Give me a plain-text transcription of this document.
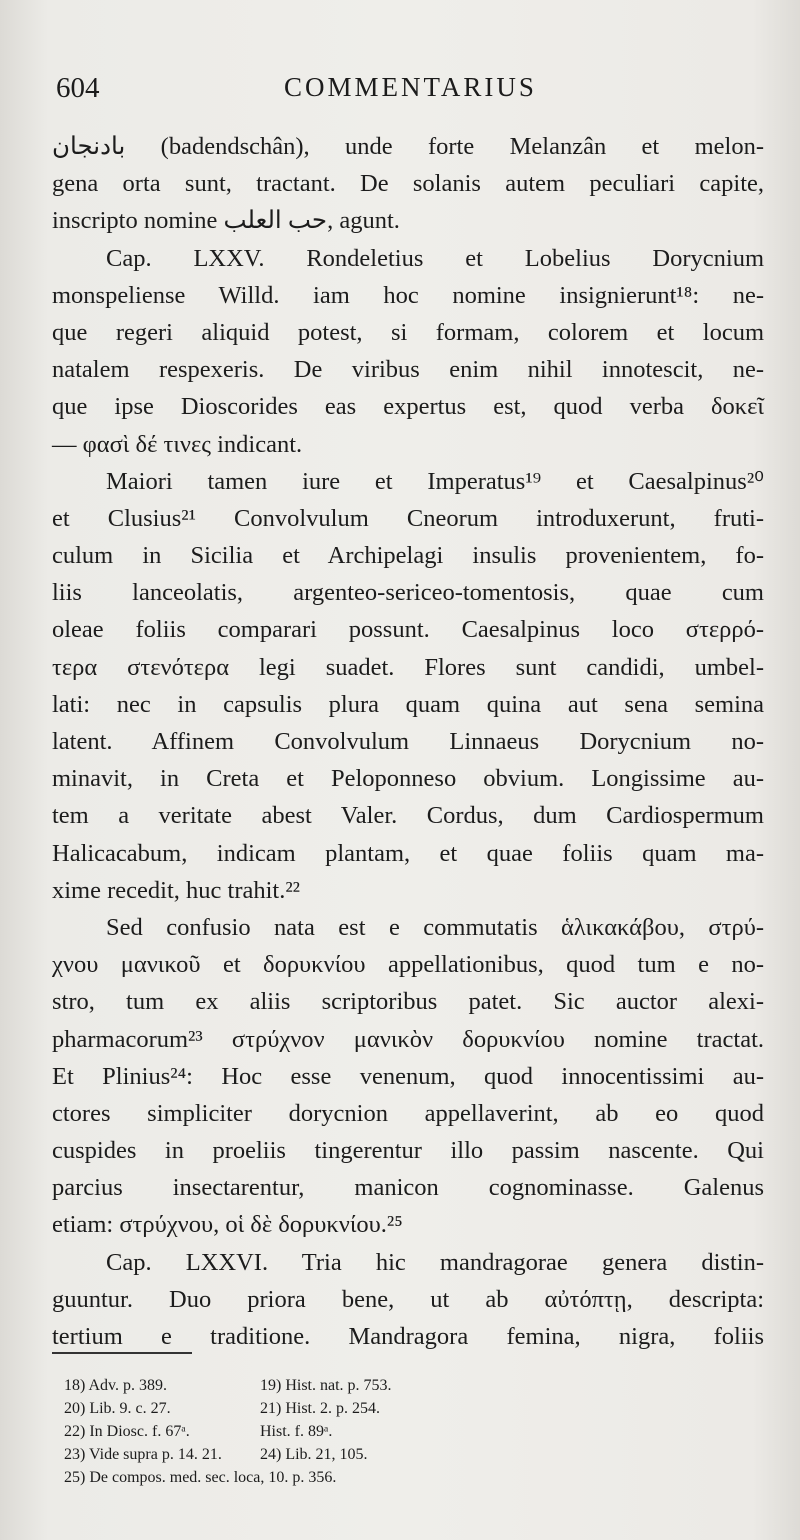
604	COMMENTARIUS
بادنجان (badendschân), unde forte Melanzân et melon-
gena orta sunt, tractant. De solanis autem peculiari capite,
inscripto nomine حب العلب, agunt.
Cap. LXXV. Rondeletius et Lobelius Dorycnium
monspeliense Willd. iam hoc nomine insignierunt¹⁸: ne-
que regeri aliquid potest, si formam, colorem et locum
natalem respexeris. De viribus enim nihil innotescit, ne-
que ipse Dioscorides eas expertus est, quod verba δοκεῖ
— φασὶ δέ τινες indicant.
Maiori tamen iure et Imperatus¹⁹ et Caesalpinus²⁰
et Clusius²¹ Convolvulum Cneorum introduxerunt, fruti-
culum in Sicilia et Archipelagi insulis provenientem, fo-
liis lanceolatis, argenteo-sericeo-tomentosis, quae cum
oleae foliis comparari possunt. Caesalpinus loco στερρό-
τερα στενότερα legi suadet. Flores sunt candidi, umbel-
lati: nec in capsulis plura quam quina aut sena semina
latent. Affinem Convolvulum Linnaeus Dorycnium no-
minavit, in Creta et Peloponneso obvium. Longissime au-
tem a veritate abest Valer. Cordus, dum Cardiospermum
Halicacabum, indicam plantam, et quae foliis quam ma-
xime recedit, huc trahit.²²
Sed confusio nata est e commutatis ἁλικακάβου, στρύ-
χνου μανικοῦ et δορυκνίου appellationibus, quod tum e no-
stro, tum ex aliis scriptoribus patet. Sic auctor alexi-
pharmacorum²³ στρύχνον μανικὸν δορυκνίου nomine tractat.
Et Plinius²⁴: Hoc esse venenum, quod innocentissimi au-
ctores simpliciter dorycnion appellaverint, ab eo quod
cuspides in proeliis tingerentur illo passim nascente. Qui
parcius insectarentur, manicon cognominasse. Galenus
etiam: στρύχνου, οἱ δὲ δορυκνίου.²⁵
Cap. LXXVI. Tria hic mandragorae genera distin-
guuntur. Duo priora bene, ut ab αὐτόπτῃ, descripta:
tertium e traditione. Mandragora femina, nigra, foliis
18) Adv. p. 389.	19) Hist. nat. p. 753.
20) Lib. 9. c. 27.	21) Hist. 2. p. 254.
22) In Diosc. f. 67ᵃ.	Hist. f. 89ᵃ.
23) Vide supra p. 14. 21. 24) Lib. 21, 105.
25) De compos. med. sec. loca, 10. p. 356.
